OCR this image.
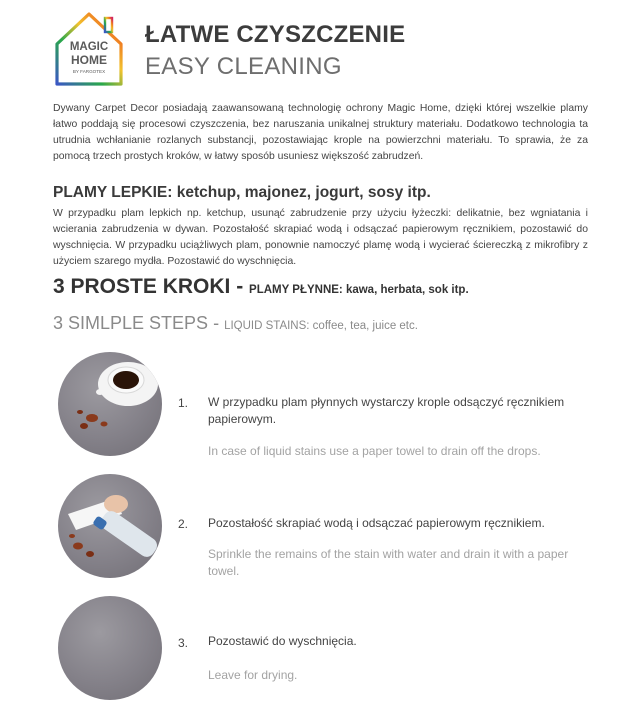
MAGIC
HOME
BY FARGOTEX
ŁATWE CZYSZCZENIE
EASY CLEANING
Dywany Carpet Decor posiadają zaawansowaną technologię ochrony Magic Home, dzięki której wszelkie plamy łatwo poddają się procesowi czyszczenia, bez naruszania unikalnej struktury materiału. Dodatkowo technologia ta utrudnia wchłanianie rozlanych substancji, pozostawiając krople na powierzchni materiału. To sprawia, że za pomocą trzech prostych kroków, w łatwy sposób usuniesz większość zabrudzeń.
PLAMY LEPKIE: ketchup, majonez, jogurt, sosy itp.
W przypadku plam lepkich np. ketchup, usunąć zabrudzenie przy użyciu łyżeczki: delikatnie, bez wgniatania i wcierania zabrudzenia w dywan. Pozostałość skrapiać wodą i odsączać papierowym ręcznikiem, pozostawić do wyschnięcia. W przypadku uciążliwych plam, ponownie namoczyć plamę wodą i wycierać ściereczką z mikrofibry z użyciem szarego mydła. Pozostawić do wyschnięcia.
3 PROSTE KROKI - PLAMY PŁYNNE: kawa, herbata, sok itp.
3 SIMLPLE STEPS - LIQUID STAINS: coffee, tea, juice etc.
1. W przypadku plam płynnych wystarczy krople odsączyć ręcznikiem papierowym.
In case of liquid stains use a paper towel to drain off the drops.
2. Pozostałość skrapiać wodą i odsączać papierowym ręcznikiem.
Sprinkle the remains of the stain with water and drain it with a paper towel.
3. Pozostawić do wyschnięcia.
Leave for drying.
